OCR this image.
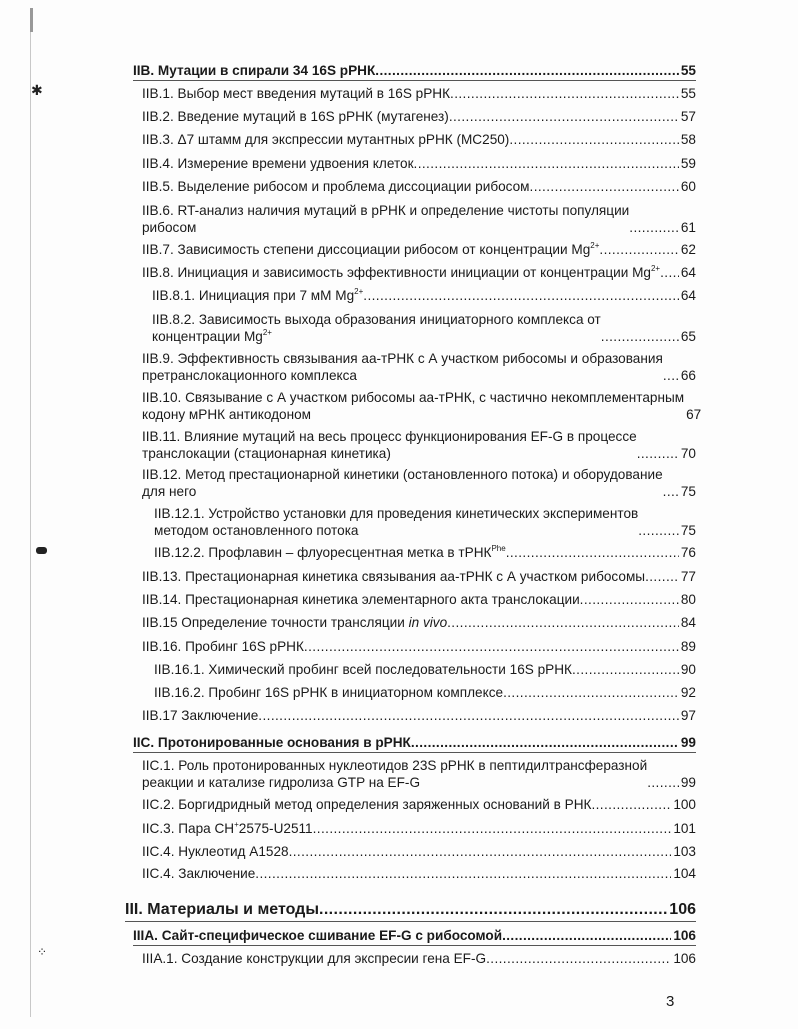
✱
⁘
IIB. Мутации в спирали 34 16S рРНК .....	55
IIB.1. Выбор мест введения мутаций в 16S рРНК .....	55
IIB.2. Введение мутаций в 16S рРНК (мутагенез) .....	57
IIB.3. Δ7 штамм для экспрессии мутантных рРНК (MC250) .....	58
IIB.4. Измерение времени удвоения клеток .....	59
IIB.5. Выделение рибосом и проблема диссоциации рибосом .....	60
IIB.6. RT-анализ наличия мутаций в рРНК и определение чистоты популяции
рибосом .....	61
IIB.7. Зависимость степени диссоциации рибосом от концентрации $Mg^{2+}$ .....	62
IIB.8. Инициация и зависимость эффективности инициации от концентрации $Mg^{2+}$ ..... 64
IIB.8.1. Инициация при 7 мМ $Mg^{2+}$ .....	64
IIB.8.2. Зависимость выхода образования инициаторного комплекса от
концентрации $Mg^{2+}$ .....	65
IIB.9. Эффективность связывания аа-тРНК с А участком рибосомы и образования
претранслокационного комплекса .....	66
IIB.10. Связывание с А участком рибосомы аа-тРНК, с частично некомплементарным
кодону мРНК антикодоном	67
IIB.11. Влияние мутаций на весь процесс функционирования EF-G в процессе
транслокации (стационарная кинетика) .....	70
IIB.12. Метод престационарной кинетики (остановленного потока) и оборудование
для него .....	75
IIB.12.1. Устройство установки для проведения кинетических экспериментов
методом остановленного потока .....	75
IIB.12.2. Профлавин – флуоресцентная метка в тРНК$^{Phe}$ .....	76
IIB.13. Престационарная кинетика связывания аа-тРНК с А участком рибосомы .....	77
IIB.14. Престационарная кинетика элементарного акта транслокации .....	80
IIB.15 Определение точности трансляции in vivo .....	84
IIB.16. Пробинг 16S рРНК .....	89
IIB.16.1. Химический пробинг всей последовательности 16S рРНК .....	90
IIB.16.2. Пробинг 16S рРНК в инициаторном комплексе .....	92
IIB.17 Заключение .....	97
IIC. Протонированные основания в рРНК .....	99
IIC.1. Роль протонированных нуклеотидов 23S рРНК в пептидилтрансферазной
реакции и катализе гидролиза GTP на EF-G .....	99
IIC.2. Боргидридный метод определения заряженных оснований в РНК .....	100
IIC.3. Пара CH+2575-U2511 .....	101
IIC.4. Нуклеотид A1528 .....	103
IIC.4. Заключение .....	104
III. Материалы и методы .....	106
IIIA. Сайт-специфическое сшивание EF-G с рибосомой .....	106
IIIA.1. Создание конструкции для экспресии гена EF-G .....	106
3
